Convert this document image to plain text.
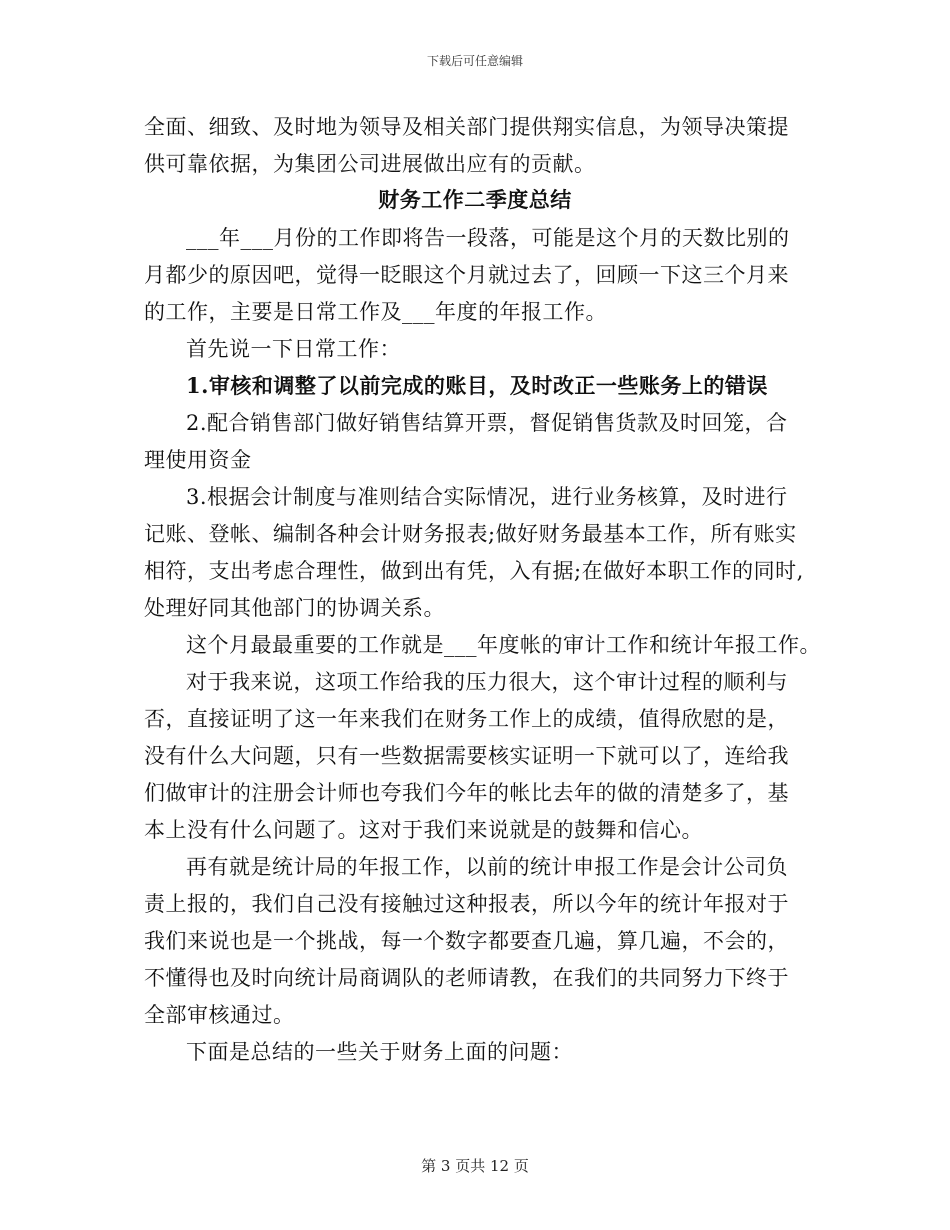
下载后可任意编辑
全面、细致、及时地为领导及相关部门提供翔实信息，为领导决策提
供可靠依据，为集团公司进展做出应有的贡献。
财务工作二季度总结
___年___月份的工作即将告一段落，可能是这个月的天数比别的
月都少的原因吧，觉得一眨眼这个月就过去了，回顾一下这三个月来
的工作，主要是日常工作及___年度的年报工作。
首先说一下日常工作：
1.审核和调整了以前完成的账目，及时改正一些账务上的错误
2.配合销售部门做好销售结算开票，督促销售货款及时回笼，合
理使用资金
3.根据会计制度与准则结合实际情况，进行业务核算，及时进行
记账、登帐、编制各种会计财务报表;做好财务最基本工作，所有账实
相符，支出考虑合理性，做到出有凭，入有据;在做好本职工作的同时,
处理好同其他部门的协调关系。
这个月最最重要的工作就是___年度帐的审计工作和统计年报工作。
对于我来说，这项工作给我的压力很大，这个审计过程的顺利与
否，直接证明了这一年来我们在财务工作上的成绩，值得欣慰的是，
没有什么大问题，只有一些数据需要核实证明一下就可以了，连给我
们做审计的注册会计师也夸我们今年的帐比去年的做的清楚多了，基
本上没有什么问题了。这对于我们来说就是的鼓舞和信心。
再有就是统计局的年报工作，以前的统计申报工作是会计公司负
责上报的，我们自己没有接触过这种报表，所以今年的统计年报对于
我们来说也是一个挑战，每一个数字都要查几遍，算几遍，不会的，
不懂得也及时向统计局商调队的老师请教，在我们的共同努力下终于
全部审核通过。
下面是总结的一些关于财务上面的问题：
第 3 页共 12 页
